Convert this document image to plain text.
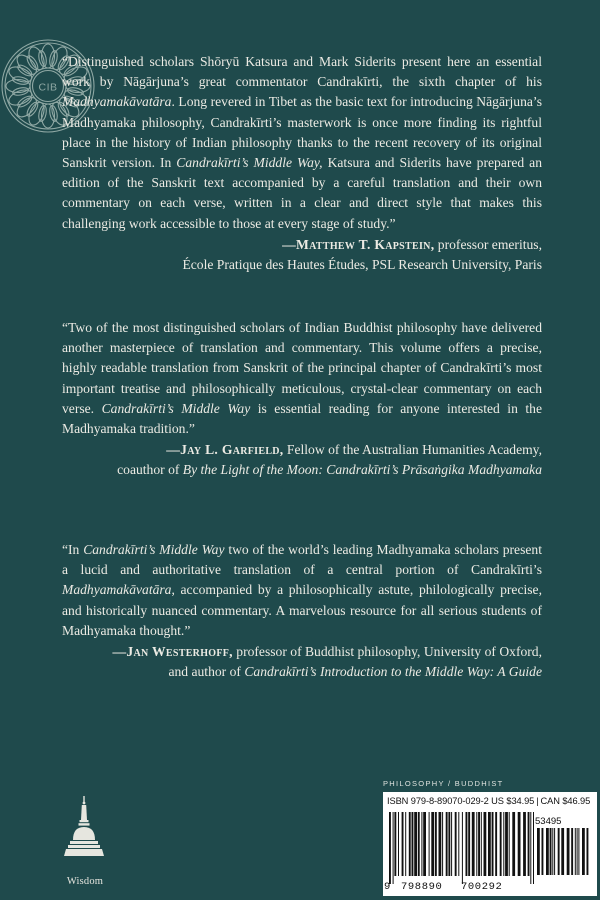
CIB

“Distinguished scholars Shōryū Katsura and Mark Siderits present here an essential work by Nāgārjuna’s great commentator Candrakīrti, the sixth chapter of his Madhyamakāvatāra. Long revered in Tibet as the basic text for introducing Nāgārjuna’s Madhyamaka philosophy, Candrakīrti’s masterwork is once more finding its rightful place in the history of Indian philosophy thanks to the recent recovery of its original Sanskrit version. In Candrakīrti’s Middle Way, Katsura and Siderits have prepared an edition of the Sanskrit text accompanied by a careful translation and their own commentary on each verse, written in a clear and direct style that makes this challenging work accessible to those at every stage of study.”

—Matthew T. Kapstein, professor emeritus,
École Pratique des Hautes Études, PSL Research University, Paris

“Two of the most distinguished scholars of Indian Buddhist philosophy have delivered another masterpiece of translation and commentary. This volume offers a precise, highly readable translation from Sanskrit of the principal chapter of Candrakīrti’s most important treatise and philosophically meticulous, crystal-clear commentary on each verse. Candrakīrti’s Middle Way is essential reading for anyone interested in the Madhyamaka tradition.”

—Jay L. Garfield, Fellow of the Australian Humanities Academy,
coauthor of By the Light of the Moon: Candrakīrti’s Prāsaṅgika Madhyamaka

“In Candrakīrti’s Middle Way two of the world’s leading Madhyamaka scholars present a lucid and authoritative translation of a central portion of Candrakīrti’s Madhyamakāvatāra, accompanied by a philosophically astute, philologically precise, and historically nuanced commentary. A marvelous resource for all serious students of Madhyamaka thought.”

—Jan Westerhoff, professor of Buddhist philosophy, University of Oxford,
and author of Candrakīrti’s Introduction to the Middle Way: A Guide
PHILOSOPHY / BUDDHIST
ISBN 979-8-89070-029-2 US $34.95 | CAN $46.95
53495
9 798890 700292
Wisdom
